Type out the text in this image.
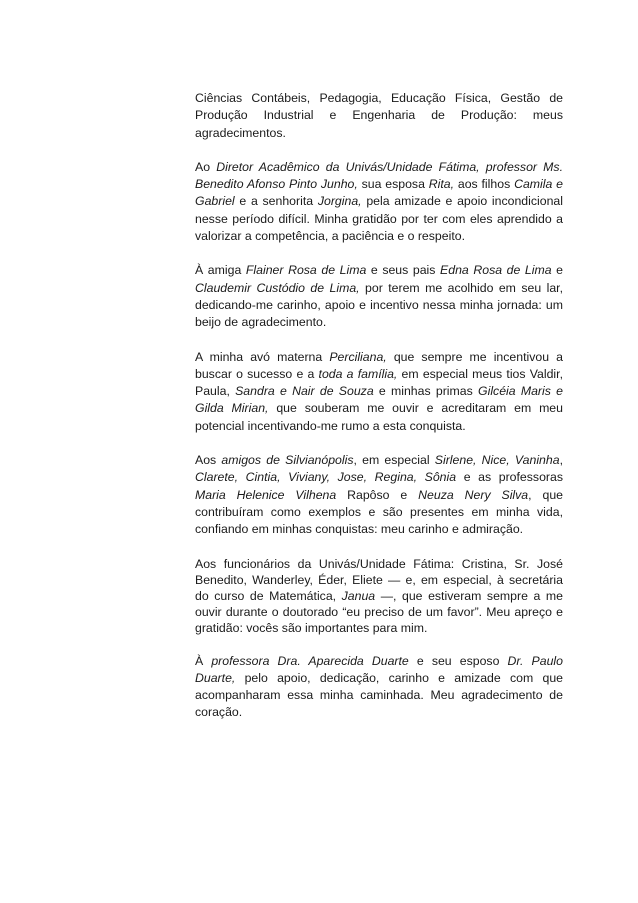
Ciências Contábeis, Pedagogia, Educação Física, Gestão de Produção Industrial e Engenharia de Produção: meus agradecimentos.

Ao Diretor Acadêmico da Univás/Unidade Fátima, professor Ms. Benedito Afonso Pinto Junho, sua esposa Rita, aos filhos Camila e Gabriel e a senhorita Jorgina, pela amizade e apoio incondicional nesse período difícil. Minha gratidão por ter com eles aprendido a valorizar a competência, a paciência e o respeito.

À amiga Flainer Rosa de Lima e seus pais Edna Rosa de Lima e Claudemir Custódio de Lima, por terem me acolhido em seu lar, dedicando-me carinho, apoio e incentivo nessa minha jornada: um beijo de agradecimento.

A minha avó materna Perciliana, que sempre me incentivou a buscar o sucesso e a toda a família, em especial meus tios Valdir, Paula, Sandra e Nair de Souza e minhas primas Gilcéia Maris e Gilda Mirian, que souberam me ouvir e acreditaram em meu potencial incentivando-me rumo a esta conquista.

Aos amigos de Silvianópolis, em especial Sirlene, Nice, Vaninha, Clarete, Cintia, Viviany, Jose, Regina, Sônia e as professoras Maria Helenice Vilhena Rapôso e Neuza Nery Silva, que contribuíram como exemplos e são presentes em minha vida, confiando em minhas conquistas: meu carinho e admiração.

Aos funcionários da Univás/Unidade Fátima: Cristina, Sr. José Benedito, Wanderley, Éder, Eliete — e, em especial, à secretária do curso de Matemática, Janua —, que estiveram sempre a me ouvir durante o doutorado “eu preciso de um favor”. Meu apreço e gratidão: vocês são importantes para mim.

À professora Dra. Aparecida Duarte e seu esposo Dr. Paulo Duarte, pelo apoio, dedicação, carinho e amizade com que acompanharam essa minha caminhada. Meu agradecimento de coração.
